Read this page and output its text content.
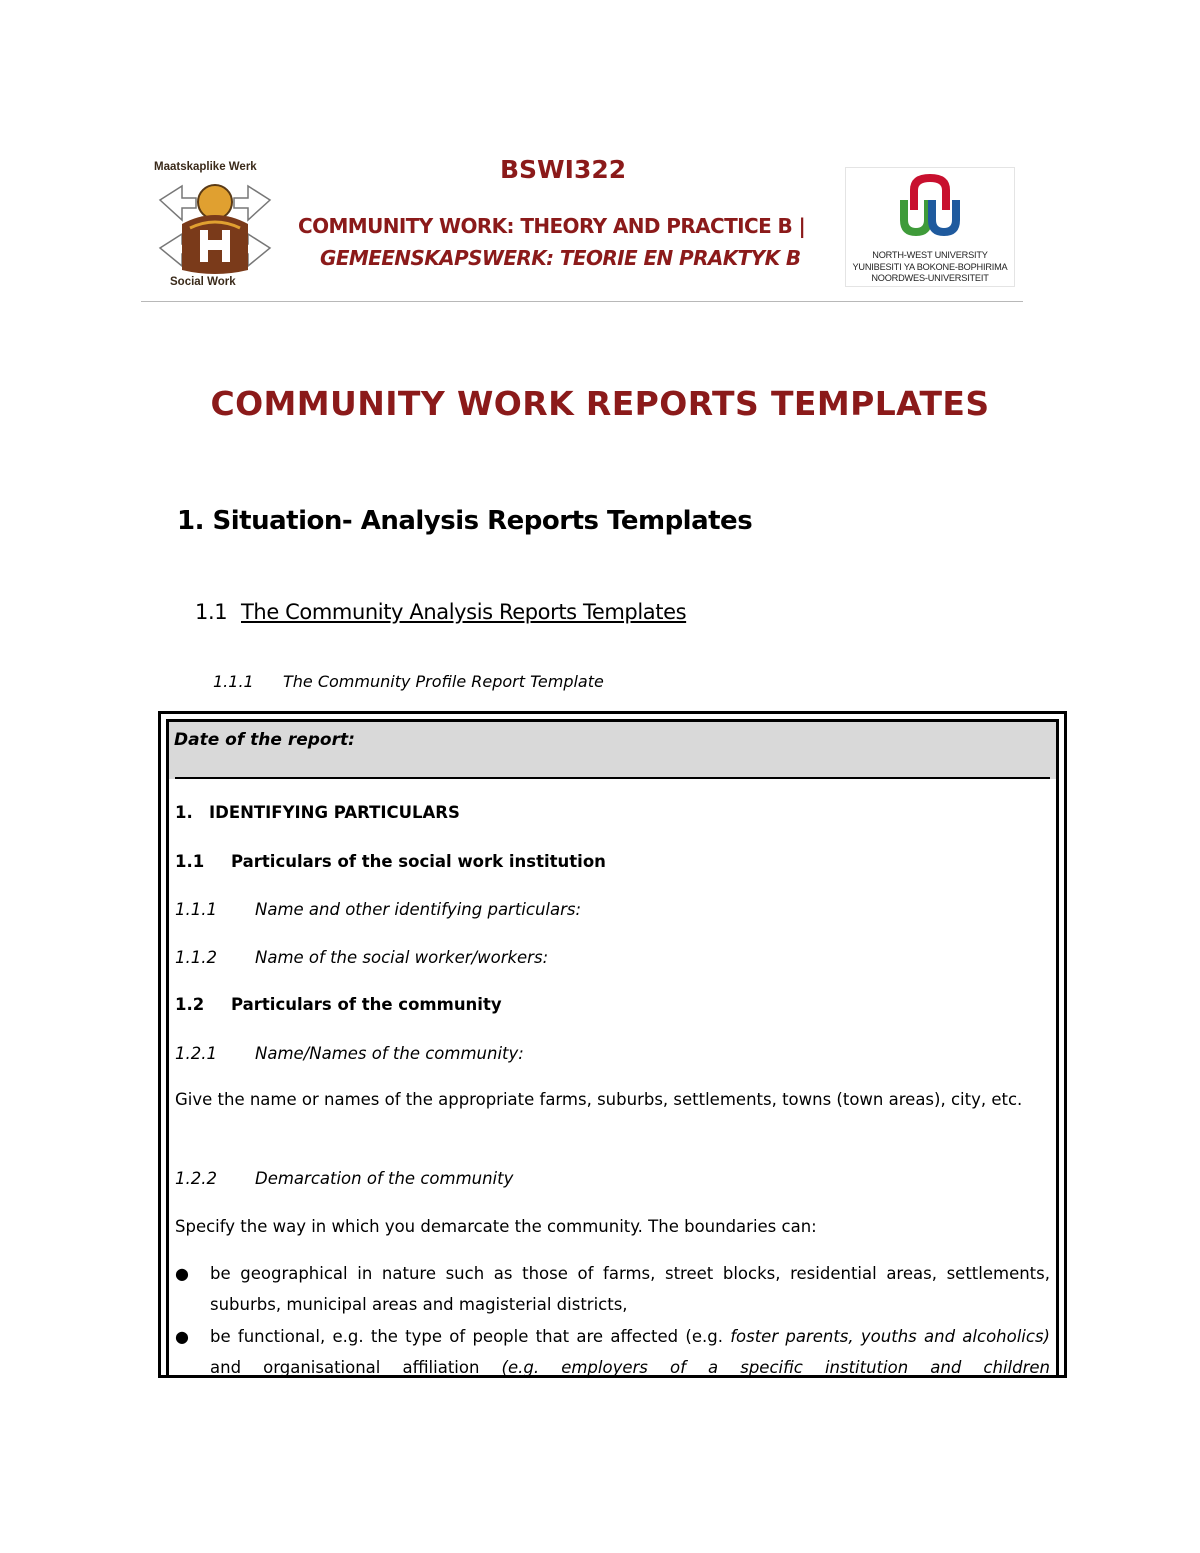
Maatskaplike Werk
Social Work
BSWI322
COMMUNITY WORK: THEORY AND PRACTICE B |
GEMEENSKAPSWERK: TEORIE EN PRAKTYK B	NORTH-WEST UNIVERSITY
YUNIBESITI YA BOKONE-BOPHIRIMA
NOORDWES-UNIVERSITEIT
COMMUNITY WORK REPORTS TEMPLATES
1. Situation- Analysis Reports Templates
1.1 The Community Analysis Reports Templates
1.1.1 The Community Profile Report Template
Date of the report:
1. IDENTIFYING PARTICULARS
1.1 Particulars of the social work institution
1.1.1 Name and other identifying particulars:
1.1.2 Name of the social worker/workers:
1.2 Particulars of the community
1.2.1 Name/Names of the community:
Give the name or names of the appropriate farms, suburbs, settlements, towns (town areas), city, etc.
1.2.2 Demarcation of the community
Specify the way in which you demarcate the community. The boundaries can:
● be geographical in nature such as those of farms, street blocks, residential areas, settlements, suburbs, municipal areas and magisterial districts,
● be functional, e.g. the type of people that are affected (e.g. foster parents, youths and alcoholics) and organisational affiliation (e.g. employers of a specific institution and children
